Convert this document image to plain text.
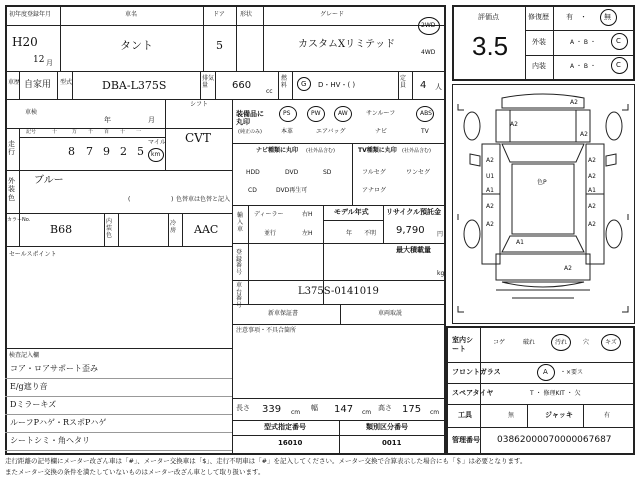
初年度登録年月
H20
12 月
車名
タント
ドア
5
形状	グレード
カスタムXリミテッド
2WD
4WD
車歴 自家用 型式	DBA-L375S
排気量	660
cc
燃料	G D・HV・( )
定員	4 人
車検
年	月
シフト
CVT
走行
記号	十	万 千 百 十 一
8 7 9 2 5
マイル
km
外装色
ブルー
(	) 色替車は色替と記入
カラーNo.
B68
内装色
冷房	AAC
セールスポイント
検査記入欄
コア・ロアサポート歪み
E/g遮り音
Dミラーキズ
ルーフPハゲ・RスポPハゲ
シートシミ・角ヘタリ
装備品に丸印
(純正のみ)
PS	PW	AW	サンルーフ	ABS
本革	エアバッグ	ナビ	TV
ナビ種類に丸印 (社外品含む)
HDD	DVD	SD
CD	DVD再生可
TV種類に丸印 (社外品含む)
フルセグ	ワンセグ
アナログ
輸入車
ディーラー
並行
右H
左H
モデル年式
年 不明
リサイクル預託金
9,790 円
登録番号
最大積載量
kg
車台番号
L375S-0141019
新車保証書	車両取説
注意事項・不具合箇所
長さ 339 cm
幅 147 cm
高さ 175 cm
型式指定番号
16010
類別区分番号
0011
評価点
3.5
修復歴 有 ・ 無
外装	A ・ B ・	C
内装	A ・ B ・	C
A2
A2
A2
A2	A2
U1
A1
A2
A1
A2	A2
A2	A2
A1
A2
色P
室内シート
コゲ	破れ	汚れ	穴	キズ
フロントガラス	A ・×要ス
スペアタイヤ	T ・ 修理KIT ・ 欠
工具	無	ジャッキ	有
管理番号 03862000070000067687
走行距離の記号欄にメーター改ざん車は「#」、メーター交換車は「$」、走行不明車は「#」を記入してください。メーター交換で合算表示した場合にも「＄」は必要となります。
またメーター交換の条件を満たしていないものはメーター改ざん車として取り扱います。
